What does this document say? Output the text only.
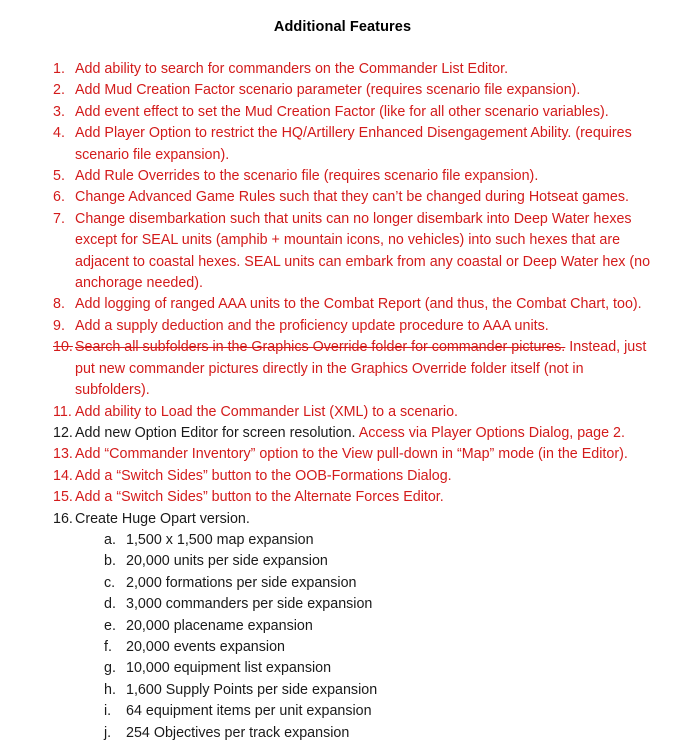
Additional Features
1. Add ability to search for commanders on the Commander List Editor.
2. Add Mud Creation Factor scenario parameter (requires scenario file expansion).
3. Add event effect to set the Mud Creation Factor (like for all other scenario variables).
4. Add Player Option to restrict the HQ/Artillery Enhanced Disengagement Ability. (requires scenario file expansion).
5. Add Rule Overrides to the scenario file (requires scenario file expansion).
6. Change Advanced Game Rules such that they can’t be changed during Hotseat games.
7. Change disembarkation such that units can no longer disembark into Deep Water hexes except for SEAL units (amphib + mountain icons, no vehicles) into such hexes that are adjacent to coastal hexes. SEAL units can embark from any coastal or Deep Water hex (no anchorage needed).
8. Add logging of ranged AAA units to the Combat Report (and thus, the Combat Chart, too).
9. Add a supply deduction and the proficiency update procedure to AAA units.
10. Search all subfolders in the Graphics Override folder for commander pictures. Instead, just put new commander pictures directly in the Graphics Override folder itself (not in subfolders).
11. Add ability to Load the Commander List (XML) to a scenario.
12. Add new Option Editor for screen resolution. Access via Player Options Dialog, page 2.
13. Add “Commander Inventory” option to the View pull-down in “Map” mode (in the Editor).
14. Add a “Switch Sides” button to the OOB-Formations Dialog.
15. Add a “Switch Sides” button to the Alternate Forces Editor.
16. Create Huge Opart version.
a. 1,500 x 1,500 map expansion
b. 20,000 units per side expansion
c. 2,000 formations per side expansion
d. 3,000 commanders per side expansion
e. 20,000 placename expansion
f. 20,000 events expansion
g. 10,000 equipment list expansion
h. 1,600 Supply Points per side expansion
i.	64 equipment items per unit expansion
j.	254 Objectives per track expansion
